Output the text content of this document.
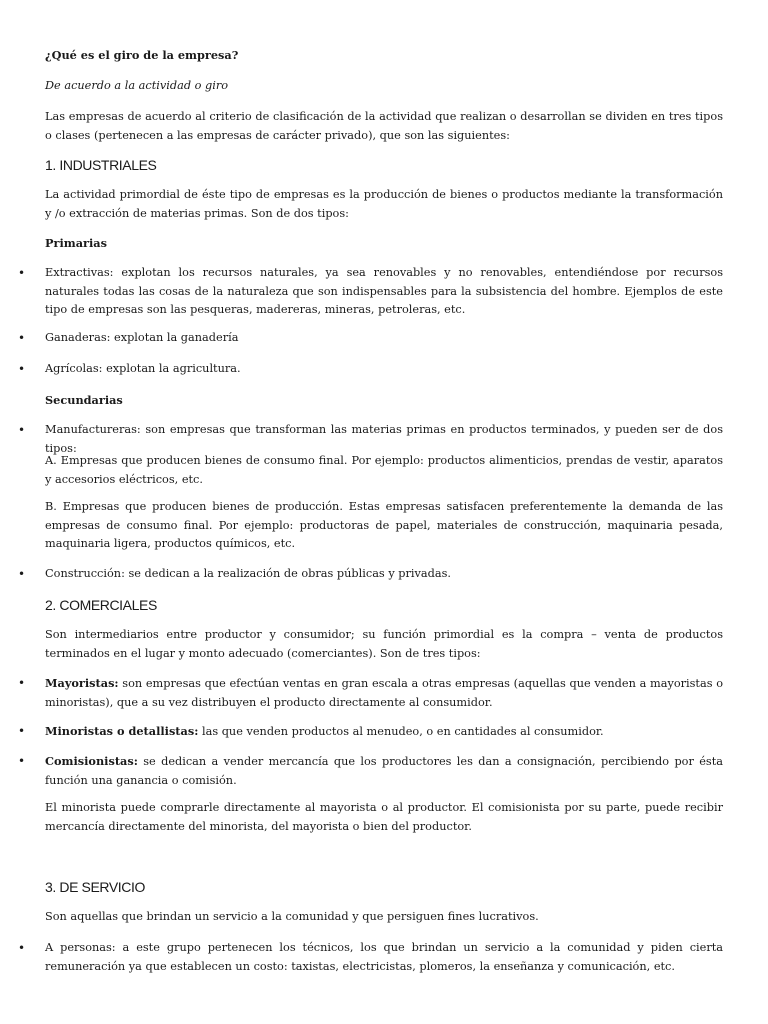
¿Qué es el giro de la empresa?

De acuerdo a la actividad o giro

Las empresas de acuerdo al criterio de clasificación de la actividad que realizan o desarrollan se dividen en tres tipos o clases (pertenecen a las empresas de carácter privado), que son las siguientes:

1. INDUSTRIALES

La actividad primordial de éste tipo de empresas es la producción de bienes o productos mediante la transformación y /o extracción de materias primas. Son de dos tipos:

Primarias

• Extractivas: explotan los recursos naturales, ya sea renovables y no renovables, entendiéndose por recursos naturales todas las cosas de la naturaleza que son indispensables para la subsistencia del hombre. Ejemplos de este tipo de empresas son las pesqueras, madereras, mineras, petroleras, etc.
• Ganaderas: explotan la ganadería
• Agrícolas: explotan la agricultura.

Secundarias

• Manufactureras: son empresas que transforman las materias primas en productos terminados, y pueden ser de dos tipos:

A. Empresas que producen bienes de consumo final. Por ejemplo: productos alimenticios, prendas de vestir, aparatos y accesorios eléctricos, etc.

B. Empresas que producen bienes de producción. Estas empresas satisfacen preferentemente la demanda de las empresas de consumo final. Por ejemplo: productoras de papel, materiales de construcción, maquinaria pesada, maquinaria ligera, productos químicos, etc.

• Construcción: se dedican a la realización de obras públicas y privadas.

2. COMERCIALES

Son intermediarios entre productor y consumidor; su función primordial es la compra – venta de productos terminados en el lugar y monto adecuado (comerciantes). Son de tres tipos:

• Mayoristas: son empresas que efectúan ventas en gran escala a otras empresas (aquellas que venden a mayoristas o minoristas), que a su vez distribuyen el producto directamente al consumidor.
• Minoristas o detallistas: las que venden productos al menudeo, o en cantidades al consumidor.
• Comisionistas: se dedican a vender mercancía que los productores les dan a consignación, percibiendo por ésta función una ganancia o comisión.

El minorista puede comprarle directamente al mayorista o al productor. El comisionista por su parte, puede recibir mercancía directamente del minorista, del mayorista o bien del productor.

3. DE SERVICIO

Son aquellas que brindan un servicio a la comunidad y que persiguen fines lucrativos.

• A personas: a este grupo pertenecen los técnicos, los que brindan un servicio a la comunidad y piden cierta remuneración ya que establecen un costo: taxistas, electricistas, plomeros, la enseñanza y comunicación, etc.
